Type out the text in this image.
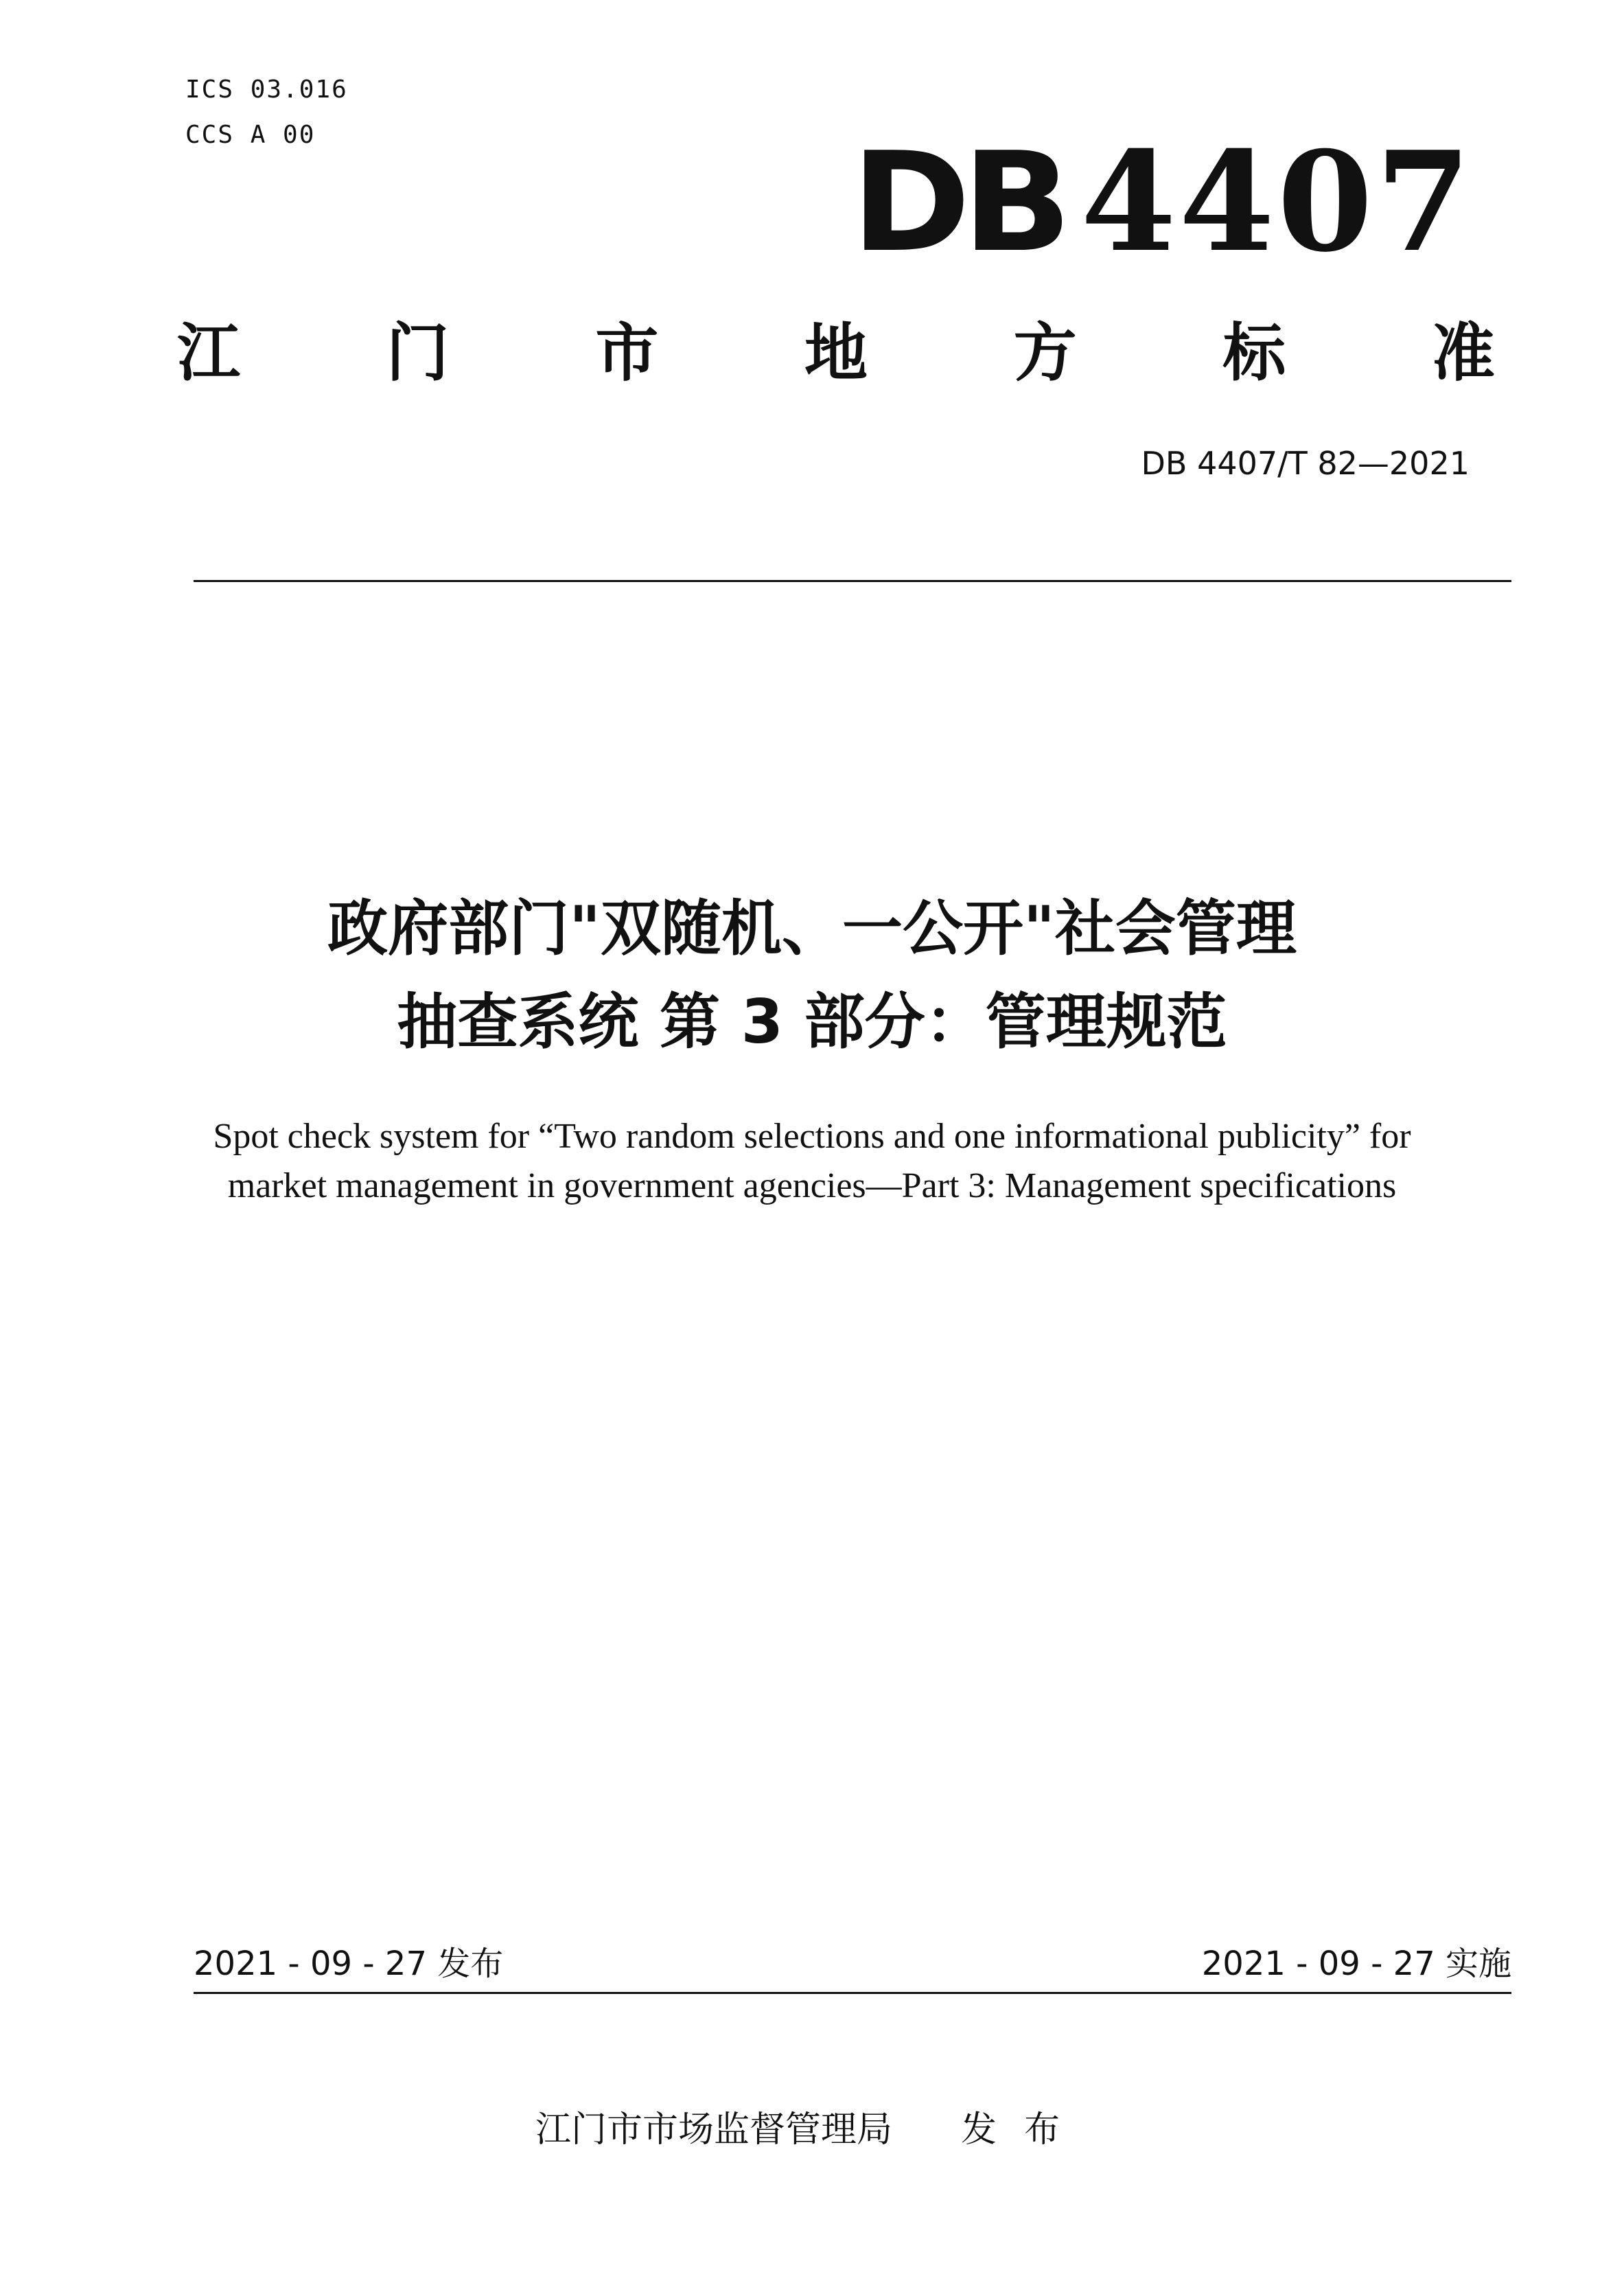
ICS 03.016
CCS A 00	DB 4407
江 门 市 地 方 标 准
DB 4407/T 82—2021
政府部门"双随机、一公开"社会管理
抽查系统 第 3 部分：管理规范
Spot check system for “Two random selections and one informational publicity” for
market management in government agencies—Part 3: Management specifications
2021 - 09 - 27 发布	2021 - 09 - 27 实施
江门市市场监督管理局 发布
